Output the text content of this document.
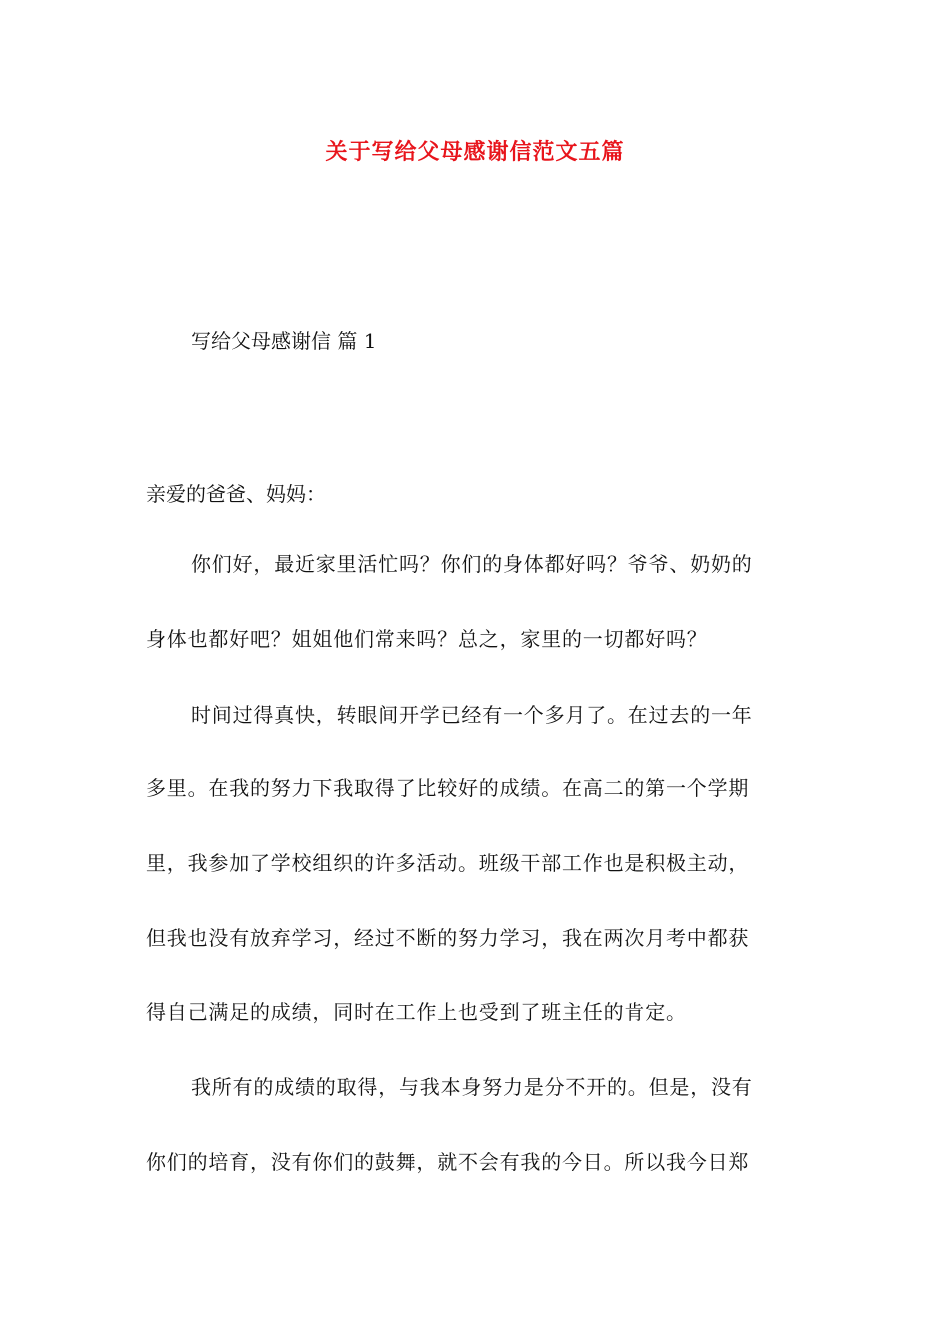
关于写给父母感谢信范文五篇
写给父母感谢信 篇 1
亲爱的爸爸、妈妈：
你们好，最近家里活忙吗？你们的身体都好吗？爷爷、奶奶的
身体也都好吧？姐姐他们常来吗？总之，家里的一切都好吗？
时间过得真快，转眼间开学已经有一个多月了。在过去的一年
多里。在我的努力下我取得了比较好的成绩。在高二的第一个学期
里，我参加了学校组织的许多活动。班级干部工作也是积极主动，
但我也没有放弃学习，经过不断的努力学习，我在两次月考中都获
得自己满足的成绩，同时在工作上也受到了班主任的肯定。
我所有的成绩的取得，与我本身努力是分不开的。但是，没有
你们的培育，没有你们的鼓舞，就不会有我的今日。所以我今日郑
